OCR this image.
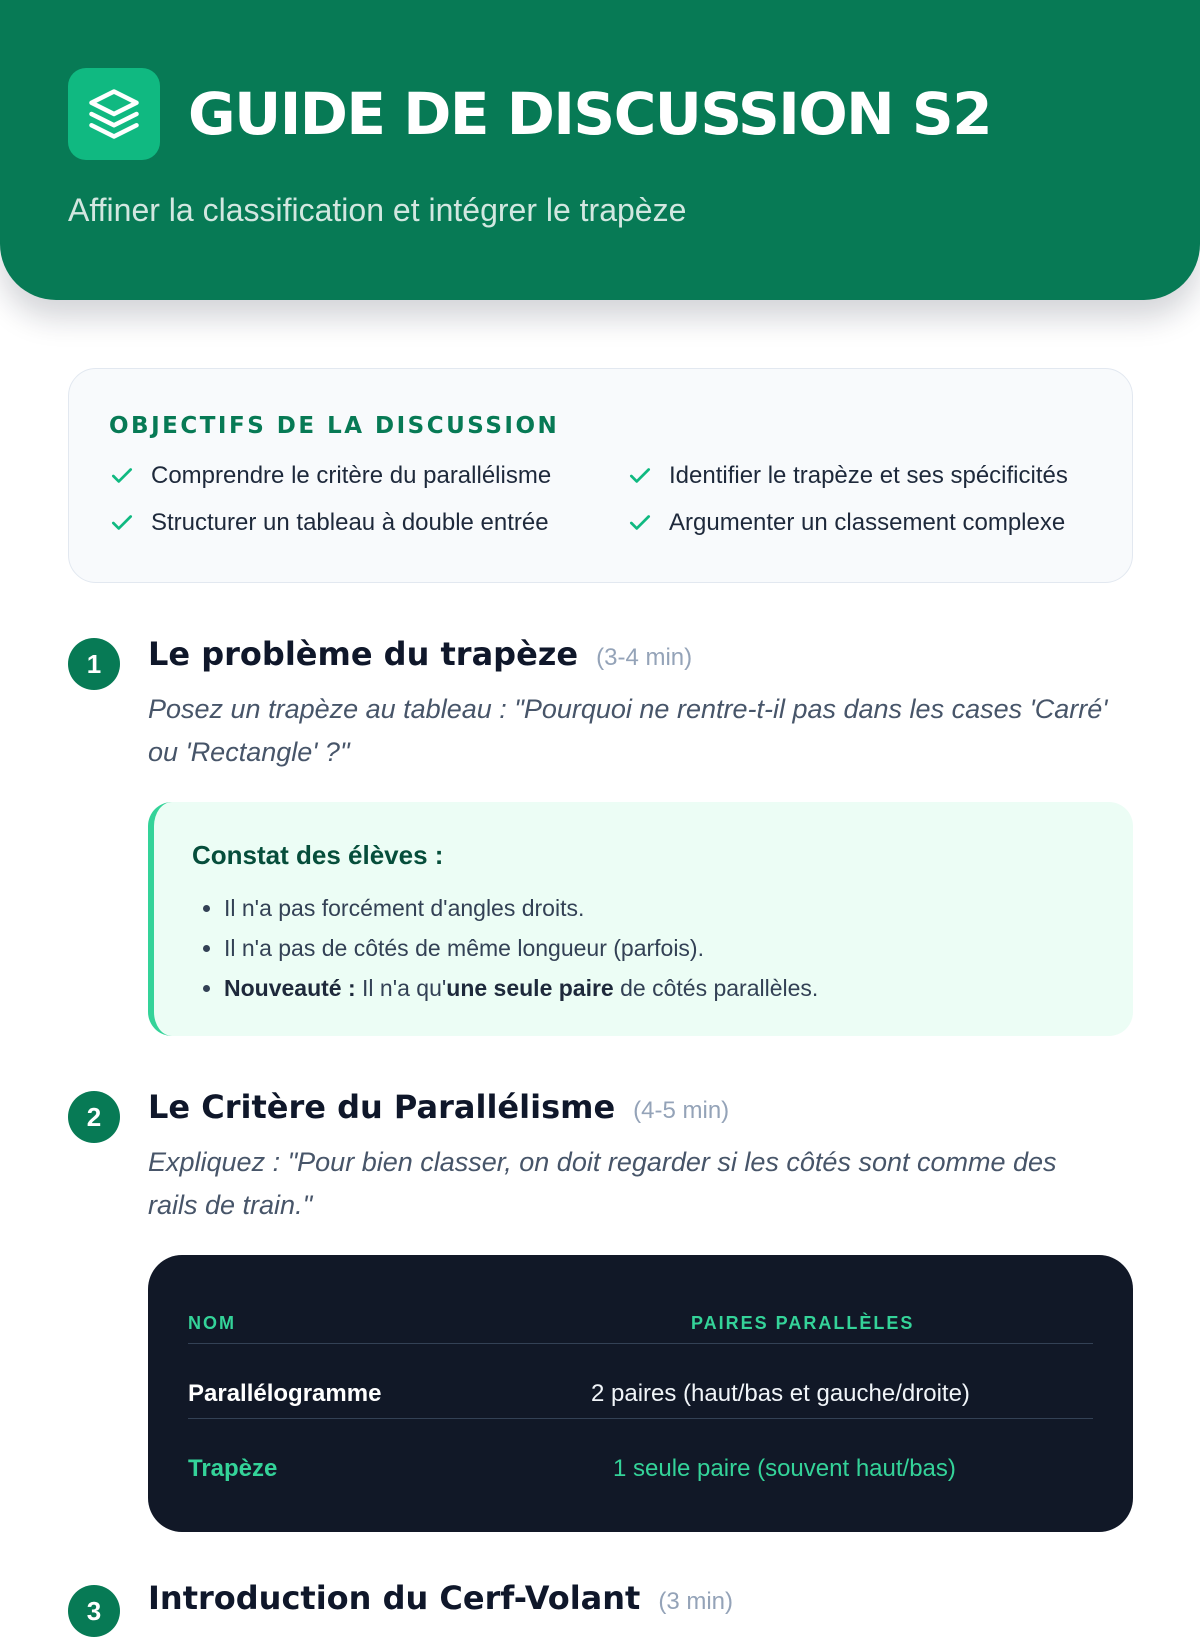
GUIDE DE DISCUSSION S2
Affiner la classification et intégrer le trapèze
OBJECTIFS DE LA DISCUSSION
Comprendre le critère du parallélisme	Identifier le trapèze et ses spécificités
Structurer un tableau à double entrée	Argumenter un classement complexe
1	Le problème du trapèze (3-4 min)
Posez un trapèze au tableau : "Pourquoi ne rentre-t-il pas dans les cases 'Carré' ou 'Rectangle' ?"
Constat des élèves :
• Il n'a pas forcément d'angles droits.
• Il n'a pas de côtés de même longueur (parfois).
• Nouveauté : Il n'a qu'une seule paire de côtés parallèles.
2	Le Critère du Parallélisme (4-5 min)
Expliquez : "Pour bien classer, on doit regarder si les côtés sont comme des rails de train."
NOM	PAIRES PARALLÈLES
Parallélogramme	2 paires (haut/bas et gauche/droite)
Trapèze	1 seule paire (souvent haut/bas)
3	Introduction du Cerf-Volant (3 min)
